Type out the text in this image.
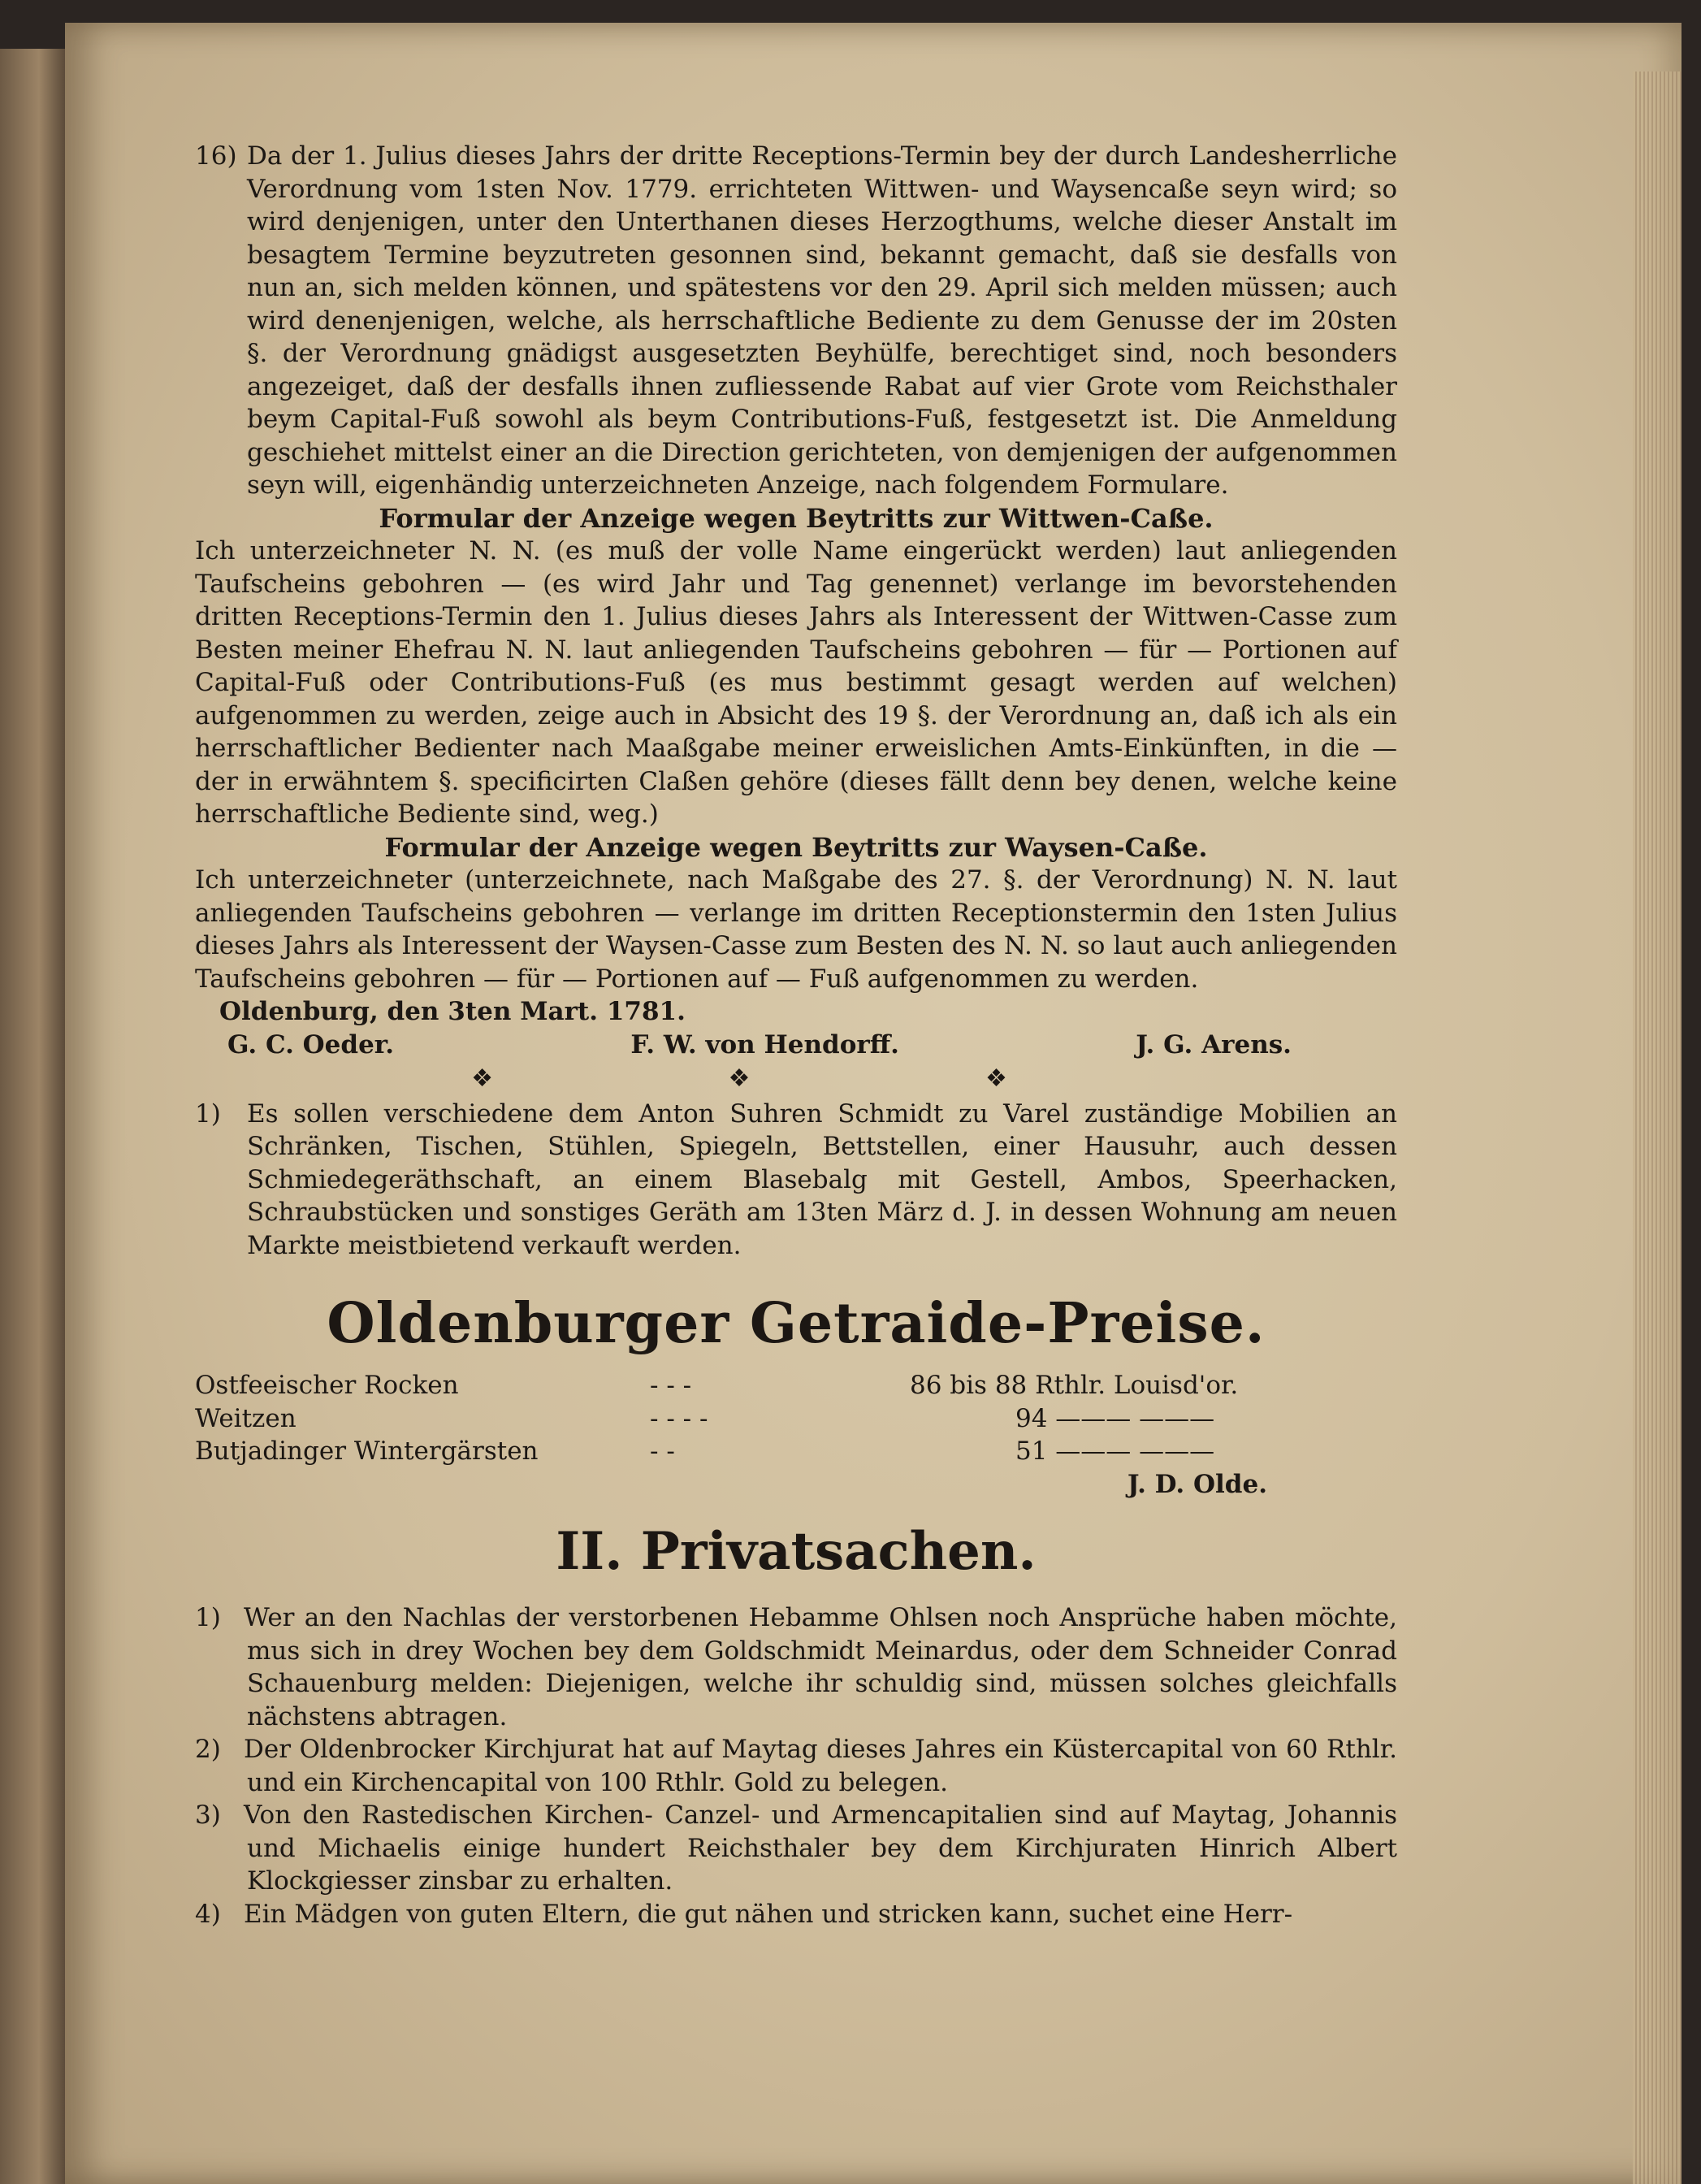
16) Da der 1. Julius dieses Jahrs der dritte Receptions-Termin bey der durch Landesherrliche Verordnung vom 1sten Nov. 1779. errichteten Wittwen- und Waysencaße seyn wird; so wird denjenigen, unter den Unterthanen dieses Herzogthums, welche dieser Anstalt im besagtem Termine beyzutreten gesonnen sind, bekannt gemacht, daß sie desfalls von nun an, sich melden können, und spätestens vor den 29. April sich melden müssen; auch wird denenjenigen, welche, als herrschaftliche Bediente zu dem Genusse der im 20sten §. der Verordnung gnädigst ausgesetzten Beyhülfe, berechtiget sind, noch besonders angezeiget, daß der desfalls ihnen zufliessende Rabat auf vier Grote vom Reichsthaler beym Capital-Fuß sowohl als beym Contributions-Fuß, festgesetzt ist. Die Anmeldung geschiehet mittelst einer an die Direction gerichteten, von demjenigen der aufgenommen seyn will, eigenhändig unterzeichneten Anzeige, nach folgendem Formulare.

Formular der Anzeige wegen Beytritts zur Wittwen-Caße.

Ich unterzeichneter N. N. (es muß der volle Name eingerückt werden) laut anliegenden Taufscheins gebohren — (es wird Jahr und Tag genennet) verlange im bevorstehenden dritten Receptions-Termin den 1. Julius dieses Jahrs als Interessent der Wittwen-Casse zum Besten meiner Ehefrau N. N. laut anliegenden Taufscheins gebohren — für — Portionen auf Capital-Fuß oder Contributions-Fuß (es mus bestimmt gesagt werden auf welchen) aufgenommen zu werden, zeige auch in Absicht des 19 §. der Verordnung an, daß ich als ein herrschaftlicher Bedienter nach Maaßgabe meiner erweislichen Amts-Einkünften, in die — der in erwähntem §. specificirten Claßen gehöre (dieses fällt denn bey denen, welche keine herrschaftliche Bediente sind, weg.)

Formular der Anzeige wegen Beytritts zur Waysen-Caße.

Ich unterzeichneter (unterzeichnete, nach Maßgabe des 27. §. der Verordnung) N. N. laut anliegenden Taufscheins gebohren — verlange im dritten Receptionstermin den 1sten Julius dieses Jahrs als Interessent der Waysen-Casse zum Besten des N. N. so laut auch anliegenden Taufscheins gebohren — für — Portionen auf — Fuß aufgenommen zu werden.

Oldenburg, den 3ten Mart. 1781.

G. C. Oeder.	F. W. von Hendorff.	J. G. Arens.

❖ ❖ ❖

1) Es sollen verschiedene dem Anton Suhren Schmidt zu Varel zuständige Mobilien an Schränken, Tischen, Stühlen, Spiegeln, Bettstellen, einer Hausuhr, auch dessen Schmiedegeräthschaft, an einem Blasebalg mit Gestell, Ambos, Speerhacken, Schraubstücken und sonstiges Geräth am 13ten März d. J. in dessen Wohnung am neuen Markte meistbietend verkauft werden.

Oldenburger Getraide-Preise.
Ostfeeischer Rocken	- - -	86 bis 88 Rthlr. Louisd'or.
Weitzen	- - - -	94 ——— ———
Butjadinger Wintergärsten	- -	51 ——— ———

J. D. Olde.

II. Privatsachen.

1) Wer an den Nachlas der verstorbenen Hebamme Ohlsen noch Ansprüche haben möchte, mus sich in drey Wochen bey dem Goldschmidt Meinardus, oder dem Schneider Conrad Schauenburg melden: Diejenigen, welche ihr schuldig sind, müssen solches gleichfalls nächstens abtragen.

2) Der Oldenbrocker Kirchjurat hat auf Maytag dieses Jahres ein Küstercapital von 60 Rthlr. und ein Kirchencapital von 100 Rthlr. Gold zu belegen.

3) Von den Rastedischen Kirchen- Canzel- und Armencapitalien sind auf Maytag, Johannis und Michaelis einige hundert Reichsthaler bey dem Kirchjuraten Hinrich Albert Klockgiesser zinsbar zu erhalten.

4) Ein Mädgen von guten Eltern, die gut nähen und stricken kann, suchet eine Herr-
